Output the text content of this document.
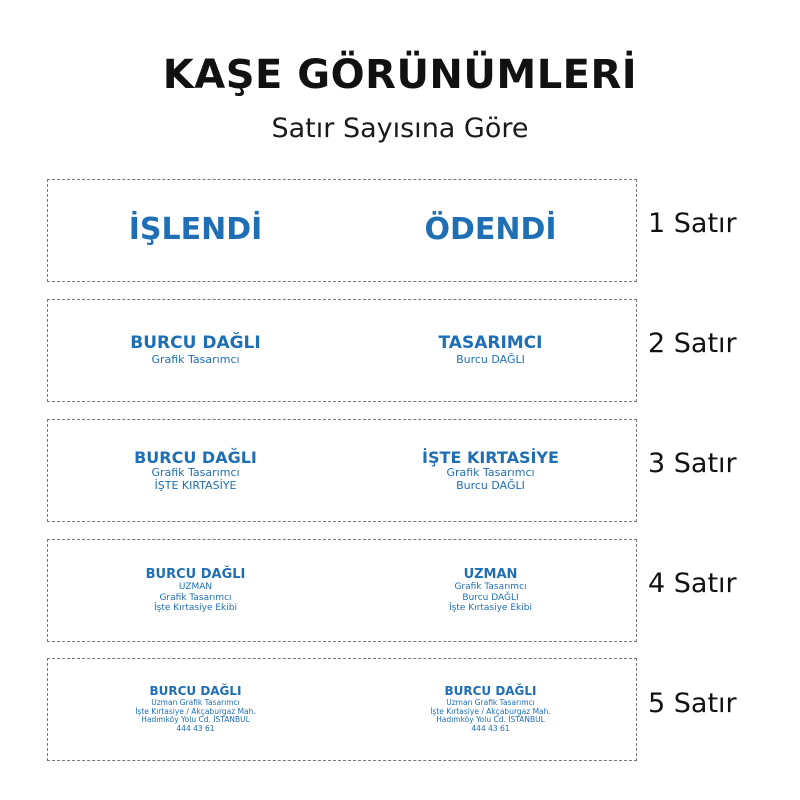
KAŞE GÖRÜNÜMLERİ
Satır Sayısına Göre
İŞLENDİ	ÖDENDİ	1 Satır
BURCU DAĞLI
Grafik Tasarımcı
TASARIMCI
Burcu DAĞLI
2 Satır
BURCU DAĞLI
Grafik Tasarımcı
İŞTE KIRTASİYE
İŞTE KIRTASİYE
Grafik Tasarımcı
Burcu DAĞLI
3 Satır
BURCU DAĞLI
UZMAN
Grafik Tasarımcı
İşte Kırtasiye Ekibi
UZMAN
Grafik Tasarımcı
Burcu DAĞLI
İşte Kırtasiye Ekibi
4 Satır
BURCU DAĞLI
Uzman Grafik Tasarımcı
İşte Kırtasiye / Akçaburgaz Mah.
Hadımköy Yolu Cd. İSTANBUL
444 43 61
BURCU DAĞLI
Uzman Grafik Tasarımcı
İşte Kırtasiye / Akçaburgaz Mah.
Hadımköy Yolu Cd. İSTANBUL
444 43 61
5 Satır
